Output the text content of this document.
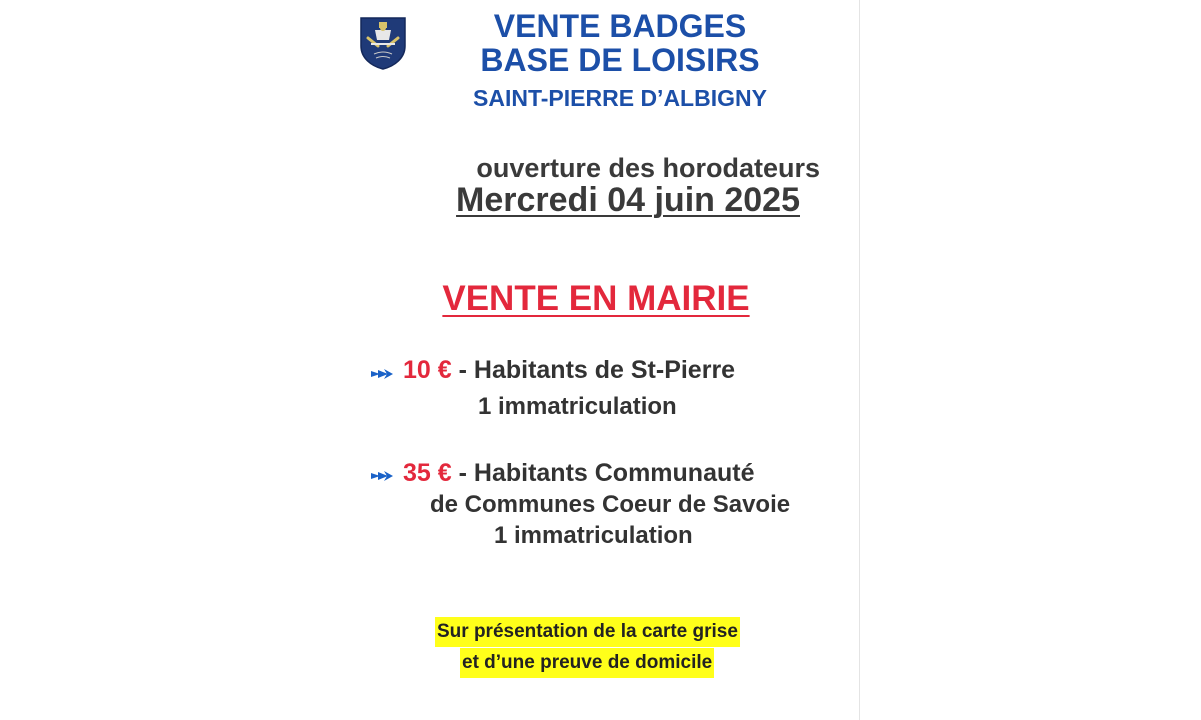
VENTE BADGES
BASE DE LOISIRS
SAINT-PIERRE D’ALBIGNY
ouverture des horodateurs
Mercredi 04 juin 2025
VENTE EN MAIRIE

10 € - Habitants de St-Pierre

1 immatriculation

35 € - Habitants Communauté

de Communes Coeur de Savoie

1 immatriculation

Sur présentation de la carte grise

et d’une preuve de domicile
